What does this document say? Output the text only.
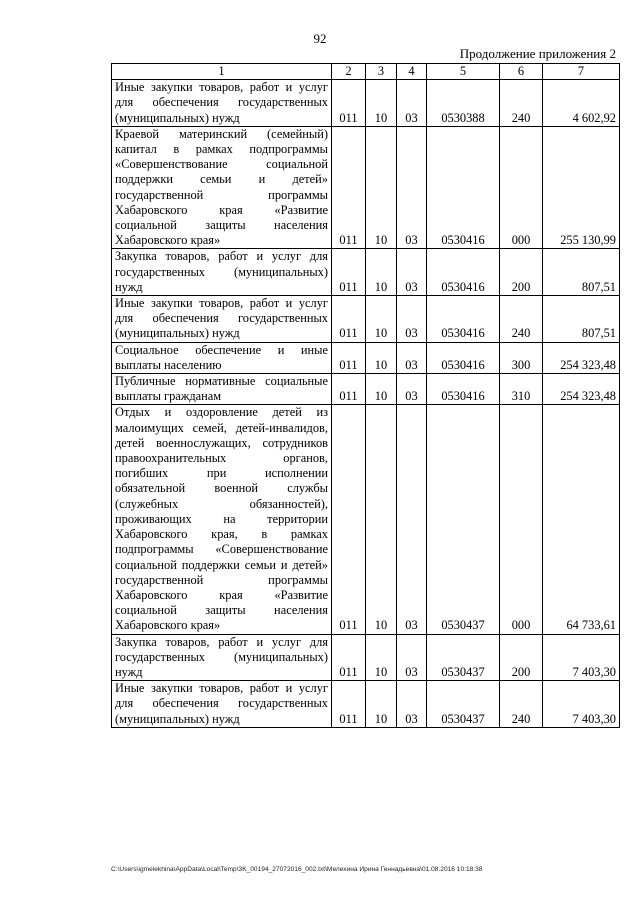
92
Продолжение приложения 2
1	2	3	4	5	6	7
Иные закупки товаров, работ и услуг для обеспечения государственных (муниципальных) нужд	011	10	03	0530388	240	4 602,92
Краевой материнский (семейный) капитал в рамках подпрограммы «Совершенствование социальной поддержки семьи и детей» государственной программы Хабаровского края «Развитие социальной защиты населения Хабаровского края»	011	10	03	0530416	000	255 130,99
Закупка товаров, работ и услуг для государственных (муниципальных) нужд	011	10	03	0530416	200	807,51
Иные закупки товаров, работ и услуг для обеспечения государственных (муниципальных) нужд	011	10	03	0530416	240	807,51
Социальное обеспечение и иные выплаты населению	011	10	03	0530416	300	254 323,48
Публичные нормативные социальные выплаты гражданам	011	10	03	0530416	310	254 323,48
Отдых и оздоровление детей из малоимущих семей, детей-инвалидов, детей военнослужащих, сотрудников правоохранительных органов, погибших при исполнении обязательной военной службы (служебных обязанностей), проживающих на территории Хабаровского края, в рамках подпрограммы «Совершенствование социальной поддержки семьи и детей» государственной программы Хабаровского края «Развитие социальной защиты населения Хабаровского края»	011	10	03	0530437	000	64 733,61
Закупка товаров, работ и услуг для государственных (муниципальных) нужд	011	10	03	0530437	200	7 403,30
Иные закупки товаров, работ и услуг для обеспечения государственных (муниципальных) нужд	011	10	03	0530437	240	7 403,30
C:\Users\igmelekhina\AppData\Local\Temp\3K_00194_27072016_002.txt\Мелехина Ирина Геннадьевна\01.08.2016 10:18:38
